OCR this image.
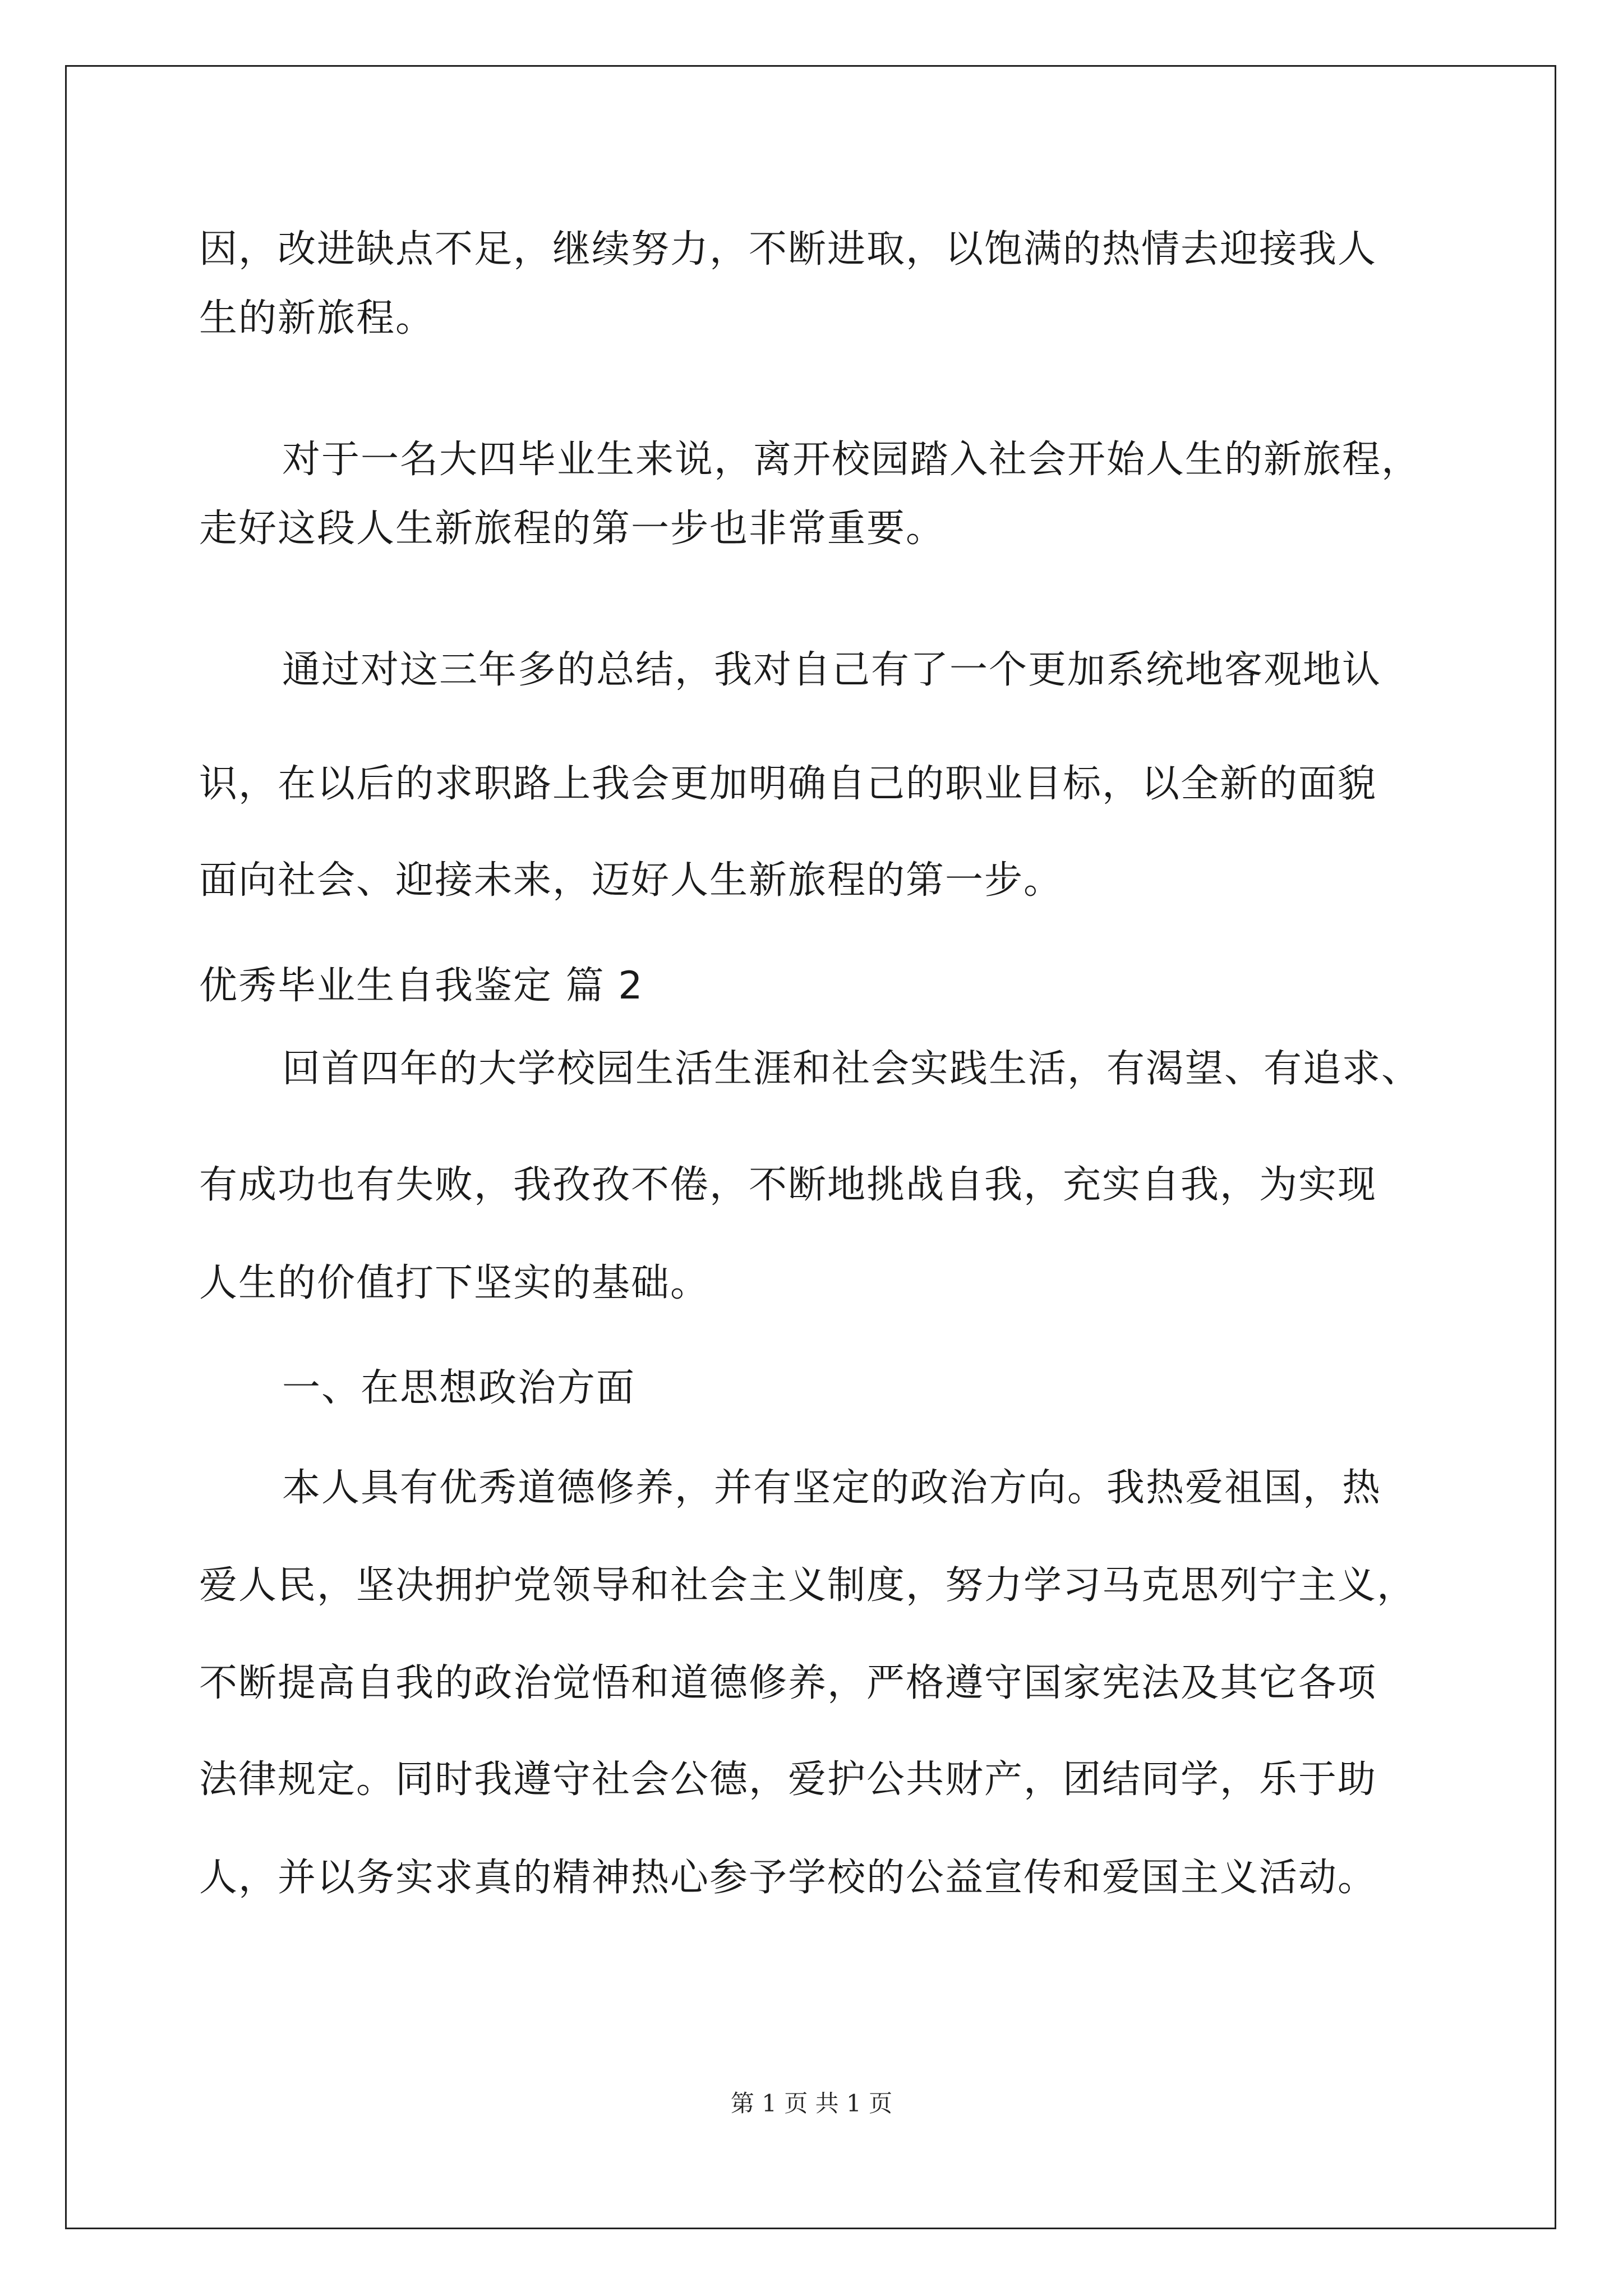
因，改进缺点不足，继续努力，不断进取，以饱满的热情去迎接我人
生的新旅程。
对于一名大四毕业生来说，离开校园踏入社会开始人生的新旅程，
走好这段人生新旅程的第一步也非常重要。
通过对这三年多的总结，我对自己有了一个更加系统地客观地认
识，在以后的求职路上我会更加明确自己的职业目标，以全新的面貌
面向社会、迎接未来，迈好人生新旅程的第一步。
优秀毕业生自我鉴定 篇 2
回首四年的大学校园生活生涯和社会实践生活，有渴望、有追求、
有成功也有失败，我孜孜不倦，不断地挑战自我，充实自我，为实现
人生的价值打下坚实的基础。
一、在思想政治方面
本人具有优秀道德修养，并有坚定的政治方向。我热爱祖国，热
爱人民，坚决拥护党领导和社会主义制度，努力学习马克思列宁主义，
不断提高自我的政治觉悟和道德修养，严格遵守国家宪法及其它各项
法律规定。同时我遵守社会公德，爱护公共财产，团结同学，乐于助
人，并以务实求真的精神热心参予学校的公益宣传和爱国主义活动。
第 1 页 共 1 页
